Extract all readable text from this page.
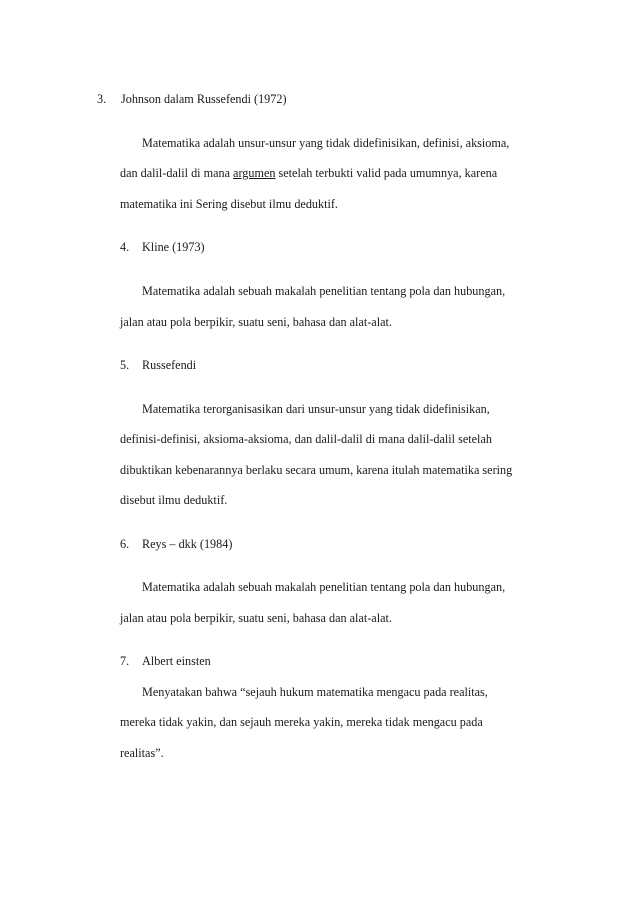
3. Johnson dalam Russefendi (1972)
Matematika adalah unsur-unsur yang tidak didefinisikan, definisi, aksioma,
dan dalil-dalil di mana argumen setelah terbukti valid pada umumnya, karena
matematika ini Sering disebut ilmu deduktif.
4. Kline (1973)
Matematika adalah sebuah makalah penelitian tentang pola dan hubungan,
jalan atau pola berpikir, suatu seni, bahasa dan alat-alat.
5. Russefendi
Matematika terorganisasikan dari unsur-unsur yang tidak didefinisikan,
definisi-definisi, aksioma-aksioma, dan dalil-dalil di mana dalil-dalil setelah
dibuktikan kebenarannya berlaku secara umum, karena itulah matematika sering
disebut ilmu deduktif.
6. Reys – dkk (1984)
Matematika adalah sebuah makalah penelitian tentang pola dan hubungan,
jalan atau pola berpikir, suatu seni, bahasa dan alat-alat.
7. Albert einsten
Menyatakan bahwa “sejauh hukum matematika mengacu pada realitas,
mereka tidak yakin, dan sejauh mereka yakin, mereka tidak mengacu pada
realitas”.
